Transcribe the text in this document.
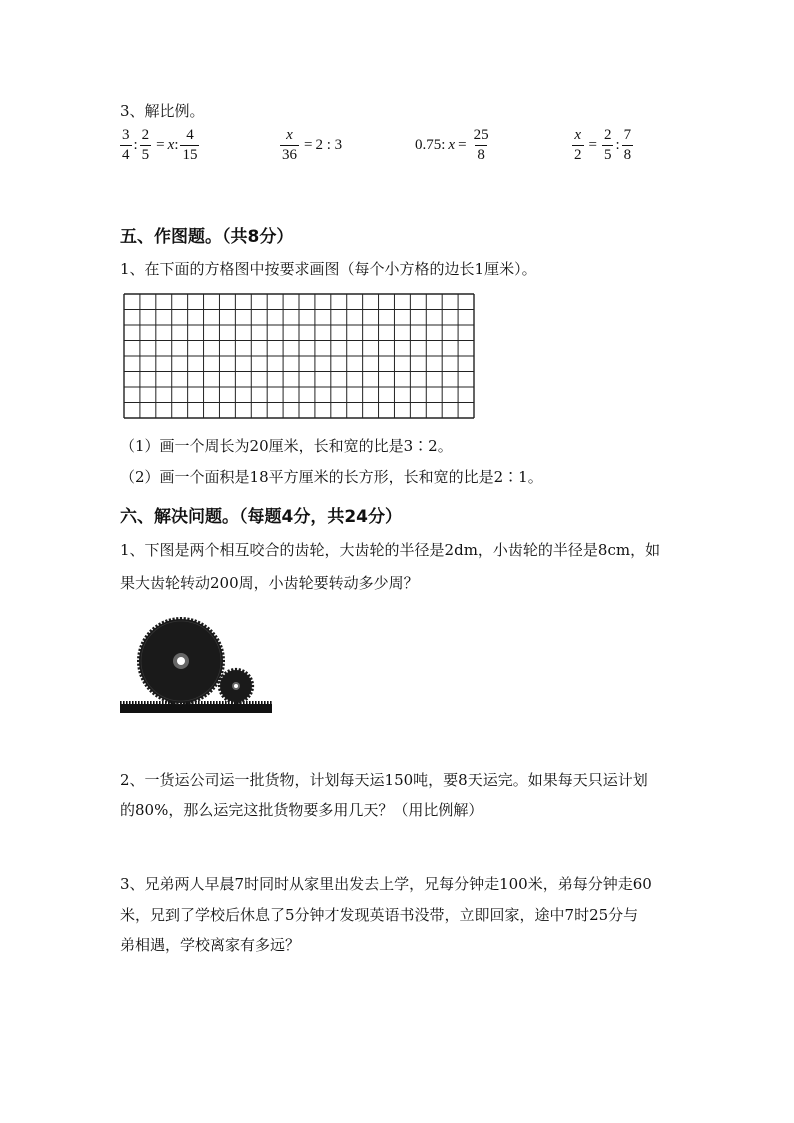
3、解比例。
$\frac{3}{4}$ : $\frac{2}{5} = x$ : $\frac{4}{15}$	$\frac{x}{36} = 2$ : 3	0.75 : $x = \frac{25}{8}$	$\frac{x}{2} = \frac{2}{5}$ : $\frac{7}{8}$
五、作图题。（共8分）
1、在下面的方格图中按要求画图（每个小方格的边长1厘米）。
（1）画一个周长为20厘米，长和宽的比是3∶2。
（2）画一个面积是18平方厘米的长方形，长和宽的比是2∶1。
六、解决问题。（每题4分，共24分）
1、下图是两个相互咬合的齿轮，大齿轮的半径是2dm，小齿轮的半径是8cm，如
果大齿轮转动200周，小齿轮要转动多少周？
2、一货运公司运一批货物，计划每天运150吨，要8天运完。如果每天只运计划
的80%，那么运完这批货物要多用几天？（用比例解）
3、兄弟两人早晨7时同时从家里出发去上学，兄每分钟走100米，弟每分钟走60
米，兄到了学校后休息了5分钟才发现英语书没带，立即回家，途中7时25分与
弟相遇，学校离家有多远？
